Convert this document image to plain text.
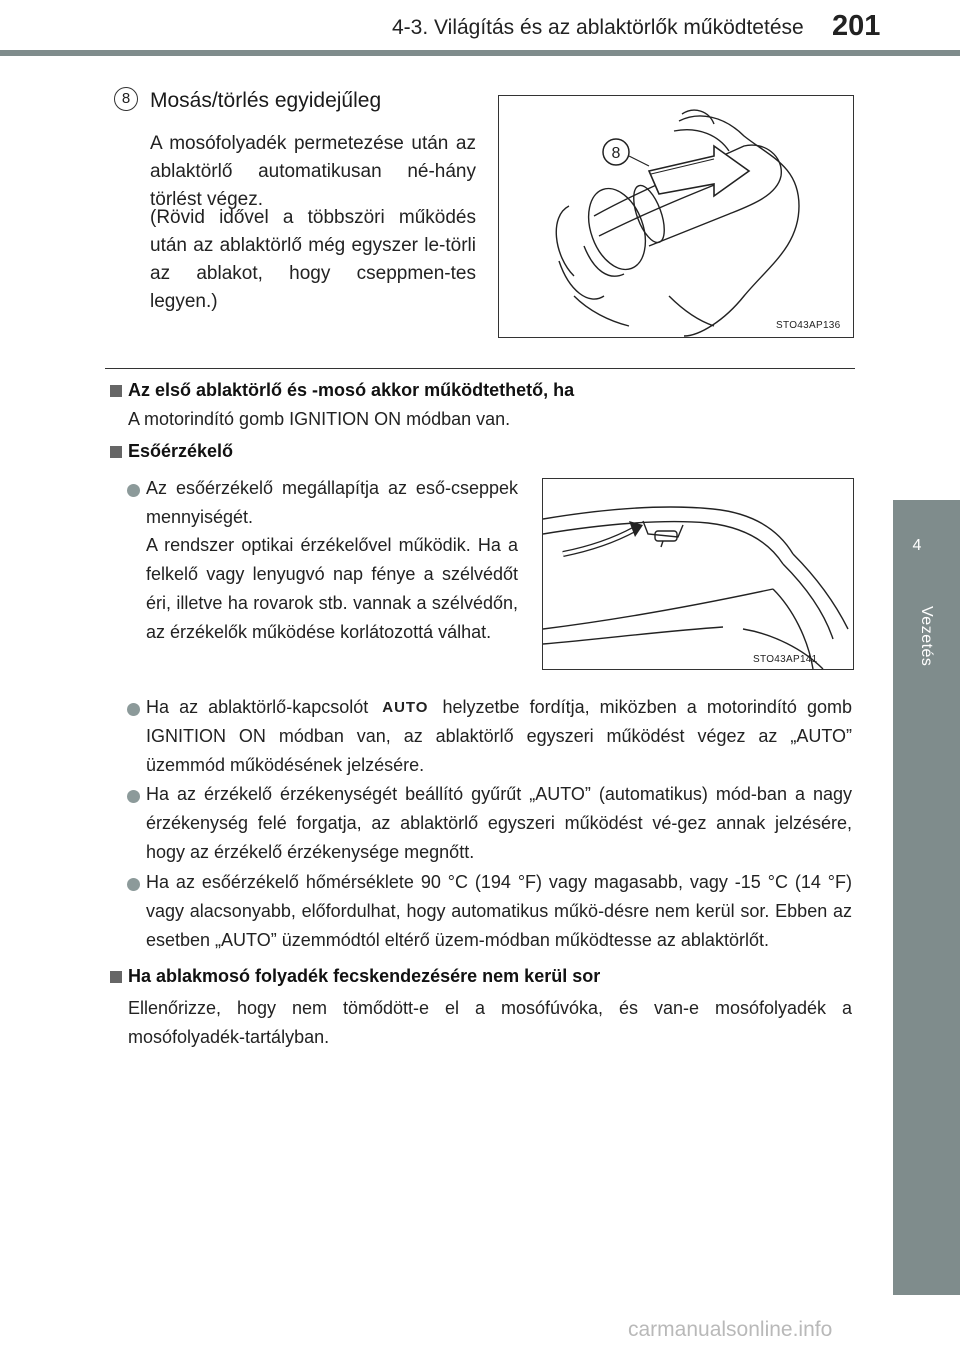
4-3. Világítás és az ablaktörlők működtetése 201
4
Vezetés
8 Mosás/törlés egyidejűleg
A mosófolyadék permetezése után az ablaktörlő automatikusan né-hány törlést végez.
(Rövid idővel a többszöri működés után az ablaktörlő még egyszer le-törli az ablakot, hogy cseppmen-tes legyen.)
8
STO43AP136
Az első ablaktörlő és -mosó akkor működtethető, ha
A motorindító gomb IGNITION ON módban van.
Esőérzékelő
Az esőérzékelő megállapítja az eső-cseppek mennyiségét.
A rendszer optikai érzékelővel működik. Ha a felkelő vagy lenyugvó nap fénye a szélvédőt éri, illetve ha rovarok stb. vannak a szélvédőn, az érzékelők működése korlátozottá válhat.
STO43AP141
Ha az ablaktörlő-kapcsolót AUTO helyzetbe fordítja, miközben a motorindító gomb IGNITION ON módban van, az ablaktörlő egyszeri működést végez az „AUTO” üzemmód működésének jelzésére.
Ha az érzékelő érzékenységét beállító gyűrűt „AUTO” (automatikus) mód-ban a nagy érzékenység felé forgatja, az ablaktörlő egyszeri működést vé-gez annak jelzésére, hogy az érzékelő érzékenysége megnőtt.
Ha az esőérzékelő hőmérséklete 90 °C (194 °F) vagy magasabb, vagy -15 °C (14 °F) vagy alacsonyabb, előfordulhat, hogy automatikus műkö-désre nem kerül sor. Ebben az esetben „AUTO” üzemmódtól eltérő üzem-módban működtesse az ablaktörlőt.
Ha ablakmosó folyadék fecskendezésére nem kerül sor
Ellenőrizze, hogy nem tömődött-e el a mosófúvóka, és van-e mosófolyadék a mosófolyadék-tartályban.
carmanualsonline.info
